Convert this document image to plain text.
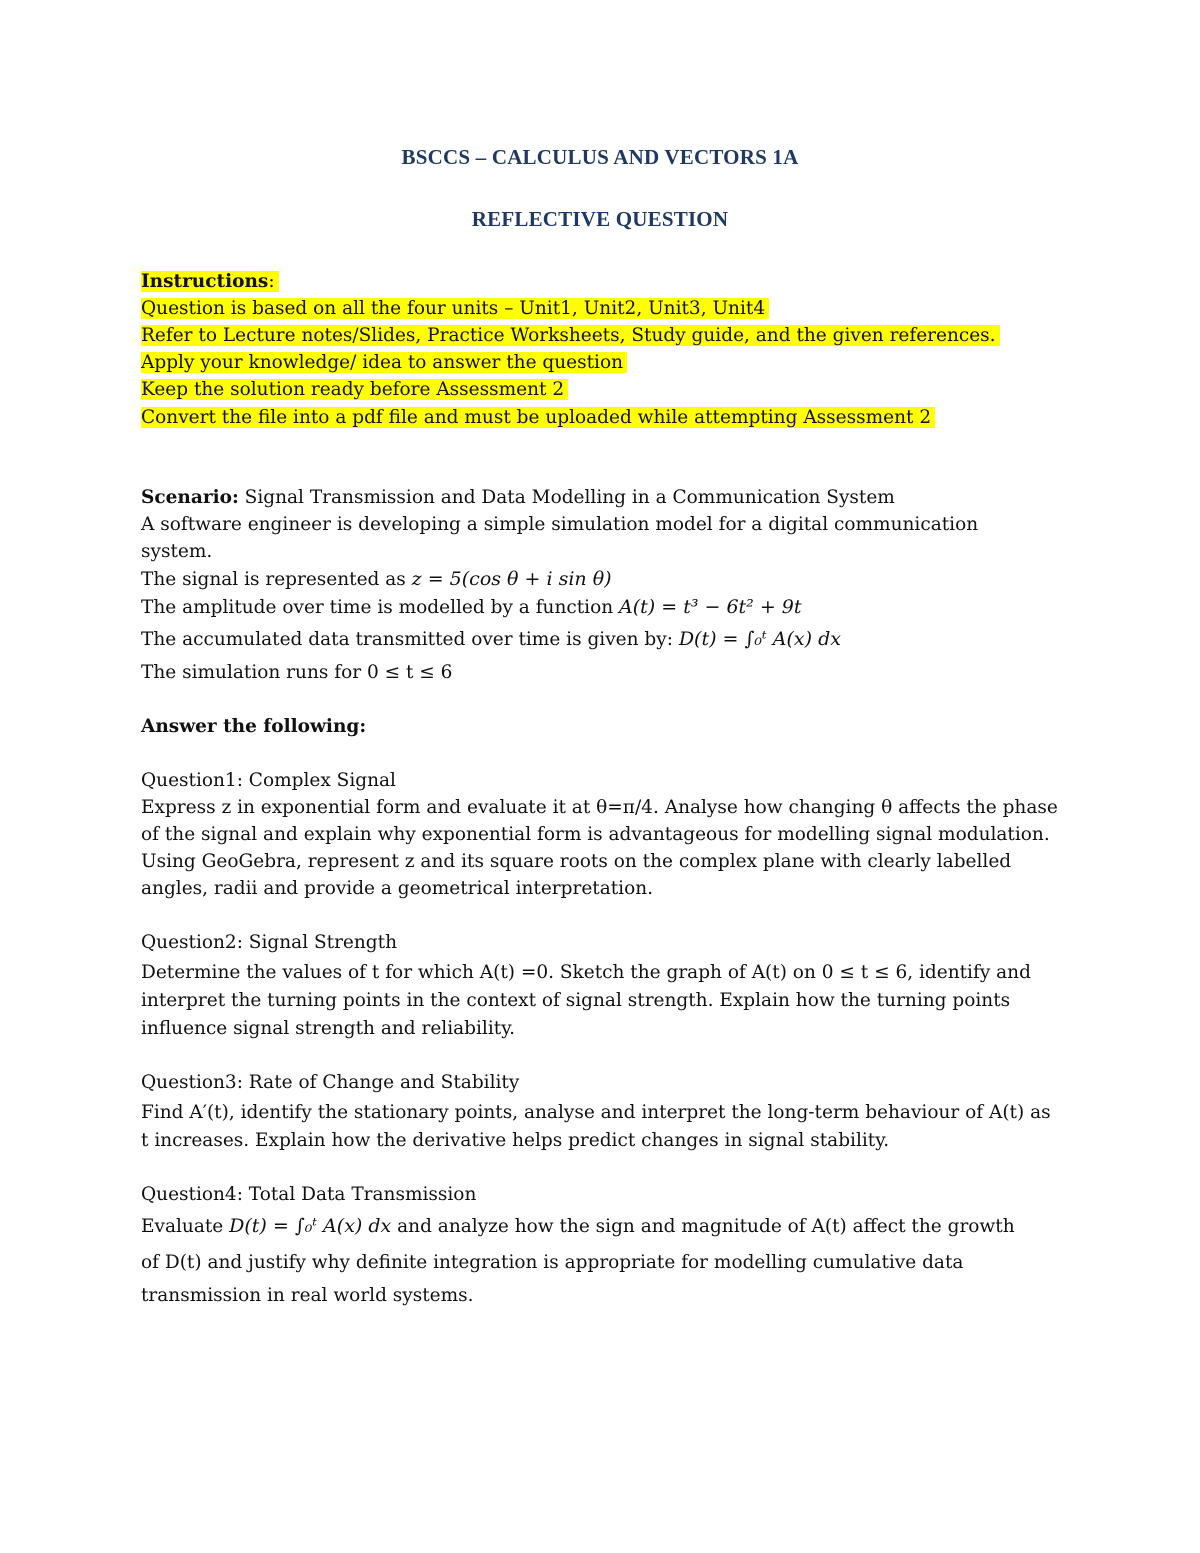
BSCCS – CALCULUS AND VECTORS 1A
REFLECTIVE QUESTION
Instructions:
Question is based on all the four units – Unit1, Unit2, Unit3, Unit4
Refer to Lecture notes/Slides, Practice Worksheets, Study guide, and the given references.
Apply your knowledge/ idea to answer the question
Keep the solution ready before Assessment 2
Convert the file into a pdf file and must be uploaded while attempting Assessment 2
Scenario: Signal Transmission and Data Modelling in a Communication System
A software engineer is developing a simple simulation model for a digital communication
system.
The signal is represented as z = 5(cos θ + i sin θ)
The amplitude over time is modelled by a function A(t) = t³ − 6t² + 9t
The accumulated data transmitted over time is given by: D(t) = ∫₀ᵗ A(x) dx
The simulation runs for 0 ≤ t ≤ 6
Answer the following:
Question1: Complex Signal
Express z in exponential form and evaluate it at θ=π/4. Analyse how changing θ affects the phase
of the signal and explain why exponential form is advantageous for modelling signal modulation.
Using GeoGebra, represent z and its square roots on the complex plane with clearly labelled
angles, radii and provide a geometrical interpretation.
Question2: Signal Strength
Determine the values of t for which A(t) =0. Sketch the graph of A(t) on 0 ≤ t ≤ 6, identify and
interpret the turning points in the context of signal strength. Explain how the turning points
influence signal strength and reliability.
Question3: Rate of Change and Stability
Find A′(t), identify the stationary points, analyse and interpret the long-term behaviour of A(t) as
t increases. Explain how the derivative helps predict changes in signal stability.
Question4: Total Data Transmission
Evaluate D(t) = ∫₀ᵗ A(x) dx and analyze how the sign and magnitude of A(t) affect the growth
of D(t) and justify why definite integration is appropriate for modelling cumulative data
transmission in real world systems.
